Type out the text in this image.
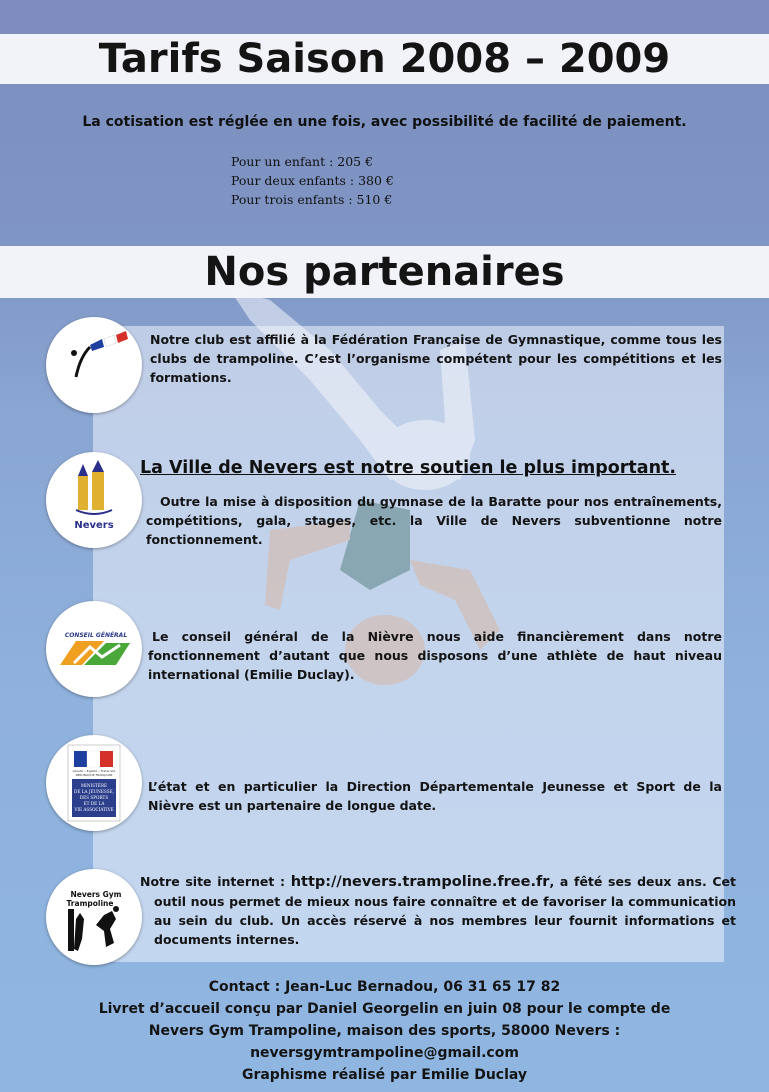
Tarifs Saison 2008 – 2009
La cotisation est réglée en une fois, avec possibilité de facilité de paiement.
Pour un enfant : 205 €
Pour deux enfants : 380 €
Pour trois enfants : 510 €
Nos partenaires
Notre club est affilié à la Fédération Française de Gymnastique, comme tous les clubs de trampoline. C’est l’organisme compétent pour les compétitions et les formations.
Nevers
La Ville de Nevers est notre soutien le plus important.
Outre la mise à disposition du gymnase de la Baratte pour nos entraînements, compétitions, gala, stages, etc. la Ville de Nevers subventionne notre fonctionnement.
CONSEIL GÉNÉRAL	Le conseil général de la Nièvre nous aide financièrement dans notre fonctionnement d’autant que nous disposons d’une athlète de haut niveau international (Emilie Duclay).
Liberté • Égalité • Fraternité
RÉPUBLIQUE FRANÇAISE
MINISTÈRE
DE LA JEUNESSE,
DES SPORTS
ET DE LA
VIE ASSOCIATIVE
L’état et en particulier la Direction Départementale Jeunesse et Sport de la Nièvre est un partenaire de longue date.
Nevers Gym
Trampoline
Notre site internet : http://nevers.trampoline.free.fr, a fêté ses deux ans. Cet outil nous permet de mieux nous faire connaître et de favoriser la communication au sein du club. Un accès réservé à nos membres leur fournit informations et documents internes.
Contact : Jean-Luc Bernadou, 06 31 65 17 82
Livret d’accueil conçu par Daniel Georgelin en juin 08 pour le compte de
Nevers Gym Trampoline, maison des sports, 58000 Nevers :
neversgymtrampoline@gmail.com
Graphisme réalisé par Emilie Duclay
